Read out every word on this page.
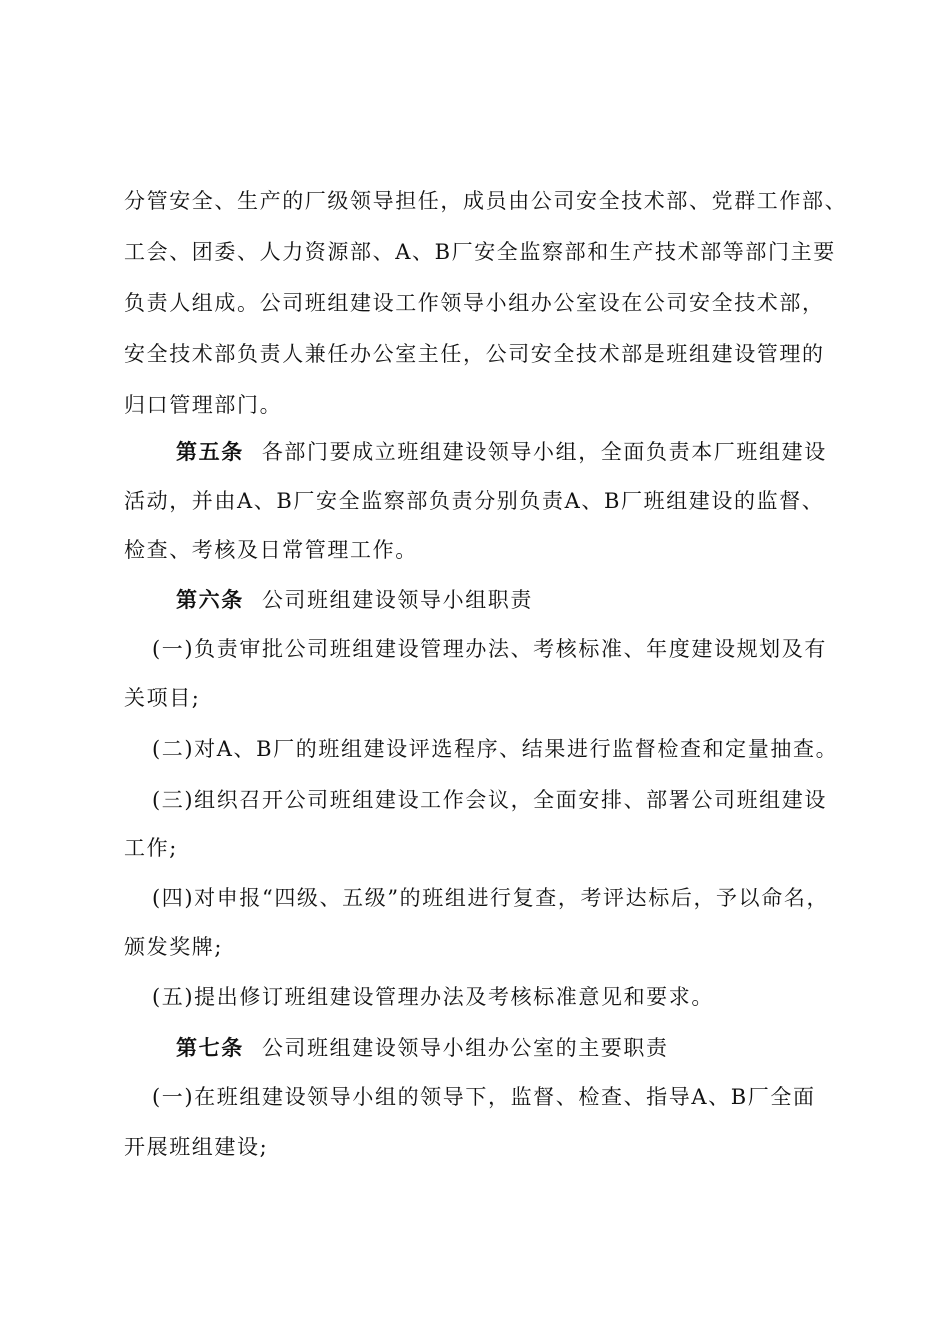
分管安全、生产的厂级领导担任，成员由公司安全技术部、党群工作部、
工会、团委、人力资源部、A、B厂安全监察部和生产技术部等部门主要
负责人组成。公司班组建设工作领导小组办公室设在公司安全技术部，
安全技术部负责人兼任办公室主任，公司安全技术部是班组建设管理的
归口管理部门。
第五条 各部门要成立班组建设领导小组，全面负责本厂班组建设
活动，并由A、B厂安全监察部负责分别负责A、B厂班组建设的监督、
检查、考核及日常管理工作。
第六条 公司班组建设领导小组职责
(一)负责审批公司班组建设管理办法、考核标准、年度建设规划及有
关项目;
(二)对A、B厂的班组建设评选程序、结果进行监督检查和定量抽查。
(三)组织召开公司班组建设工作会议，全面安排、部署公司班组建设
工作;
(四)对申报“四级、五级”的班组进行复查，考评达标后，予以命名，
颁发奖牌;
(五)提出修订班组建设管理办法及考核标准意见和要求。
第七条 公司班组建设领导小组办公室的主要职责
(一)在班组建设领导小组的领导下，监督、检查、指导A、B厂全面
开展班组建设;
